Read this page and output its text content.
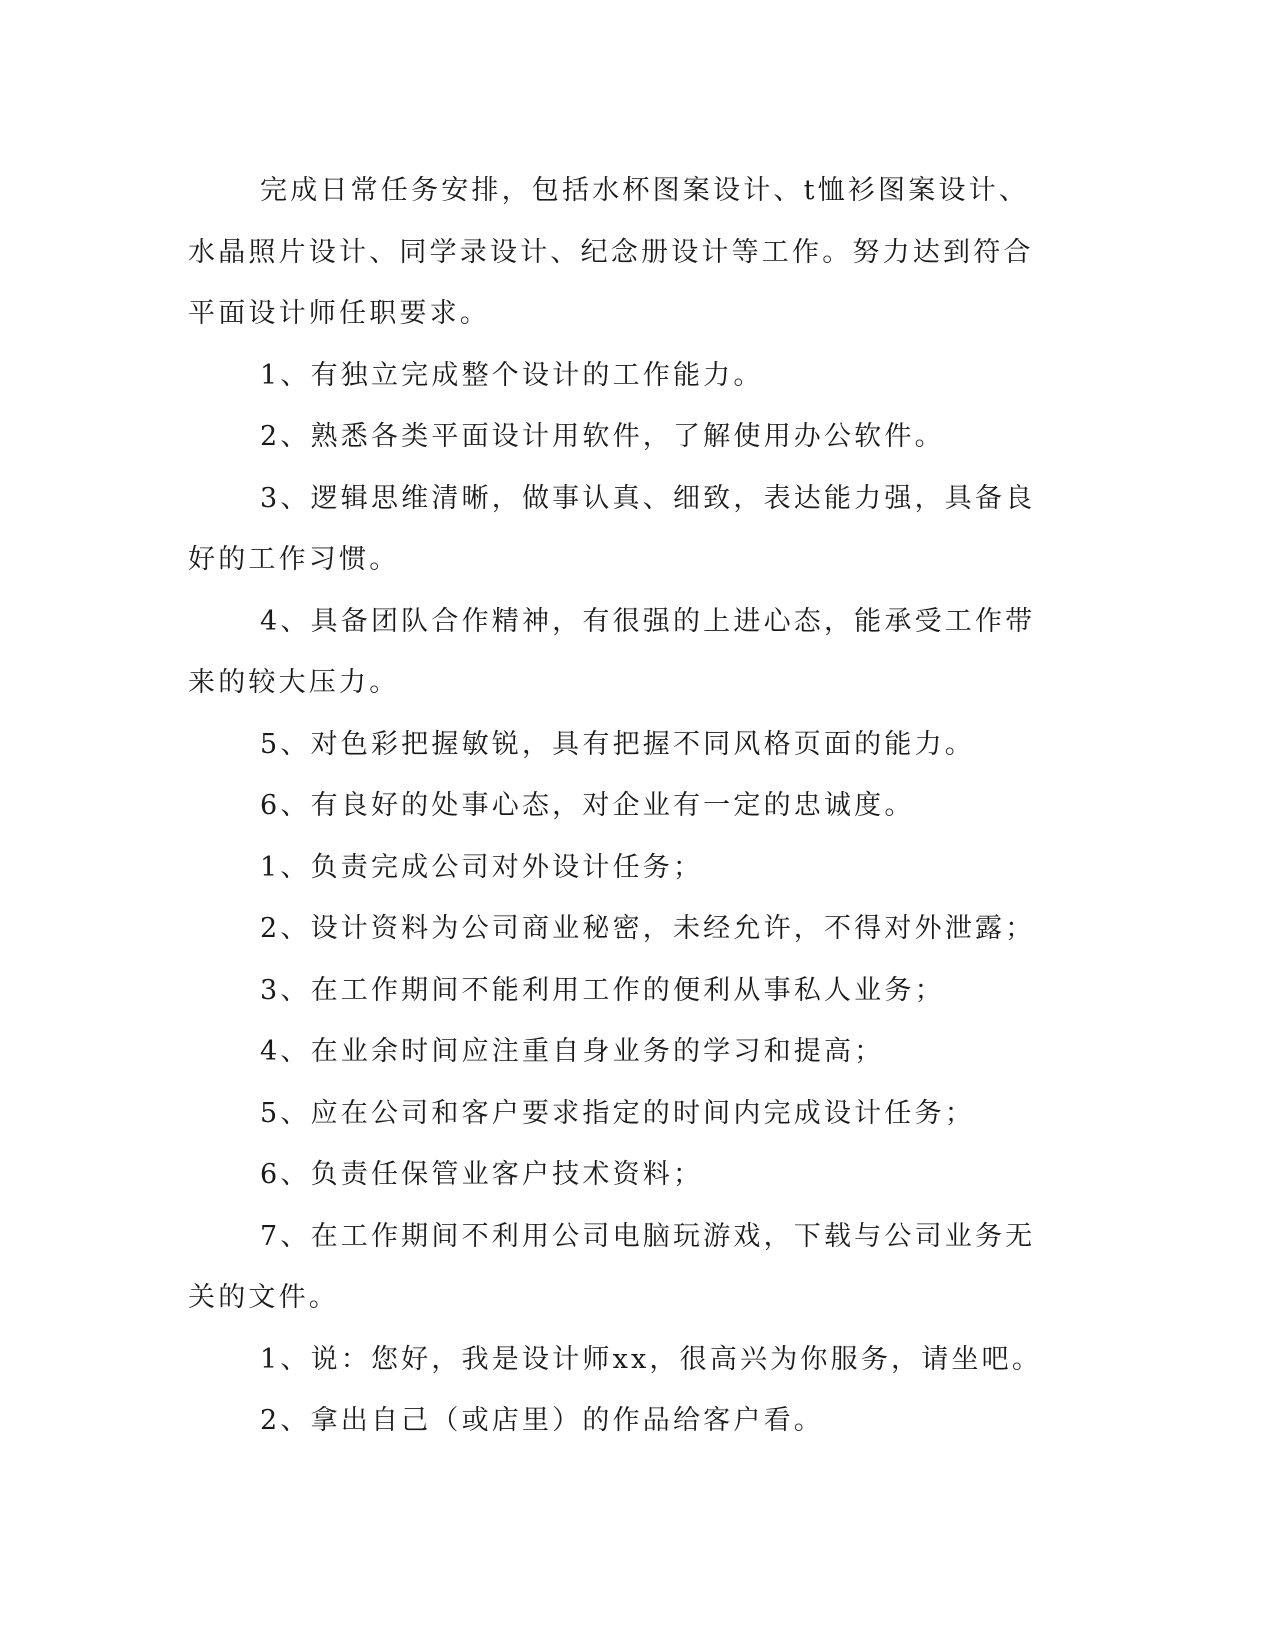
完成日常任务安排，包括水杯图案设计、t恤衫图案设计、水晶照片设计、同学录设计、纪念册设计等工作。努力达到符合平面设计师任职要求。

1、有独立完成整个设计的工作能力。

2、熟悉各类平面设计用软件，了解使用办公软件。

3、逻辑思维清晰，做事认真、细致，表达能力强，具备良好的工作习惯。

4、具备团队合作精神，有很强的上进心态，能承受工作带来的较大压力。

5、对色彩把握敏锐，具有把握不同风格页面的能力。

6、有良好的处事心态，对企业有一定的忠诚度。

1、负责完成公司对外设计任务；

2、设计资料为公司商业秘密，未经允许，不得对外泄露；

3、在工作期间不能利用工作的便利从事私人业务；

4、在业余时间应注重自身业务的学习和提高；

5、应在公司和客户要求指定的时间内完成设计任务；

6、负责任保管业客户技术资料；

7、在工作期间不利用公司电脑玩游戏，下载与公司业务无关的文件。

1、说：您好，我是设计师xx，很高兴为你服务，请坐吧。

2、拿出自己（或店里）的作品给客户看。
